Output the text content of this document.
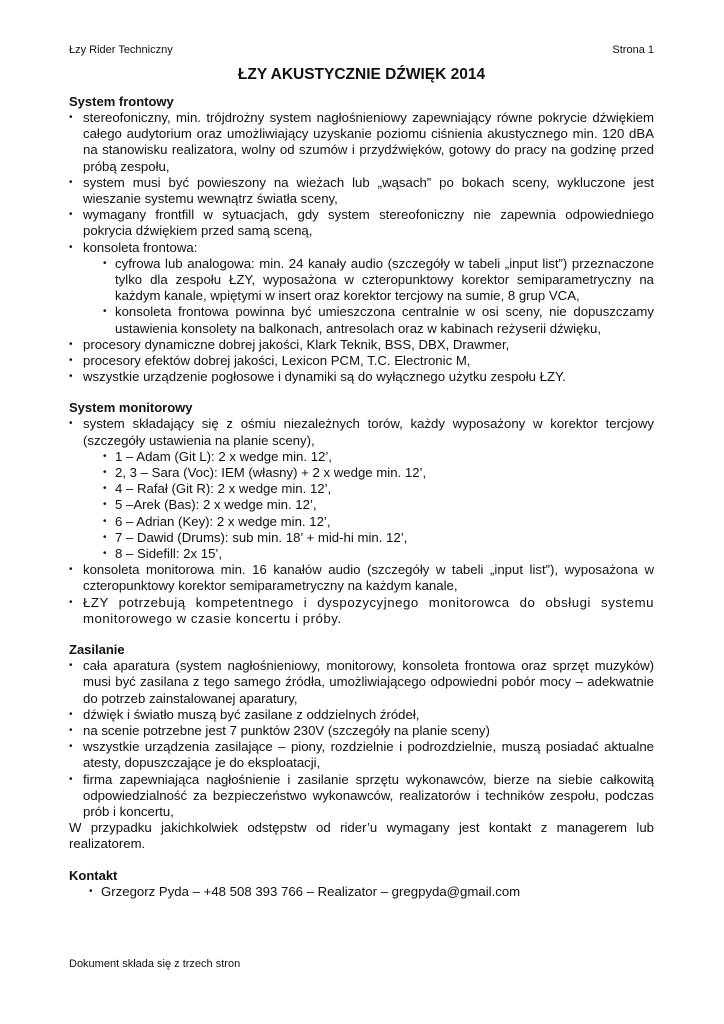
Łzy Rider Techniczny	Strona 1
ŁZY AKUSTYCZNIE DŹWIĘK 2014
System frontowy
• stereofoniczny, min. trójdrożny system nagłośnieniowy zapewniający równe pokrycie dźwiękiem całego audytorium oraz umożliwiający uzyskanie poziomu ciśnienia akustycznego min. 120 dBA na stanowisku realizatora, wolny od szumów i przydźwięków, gotowy do pracy na godzinę przed próbą zespołu,
• system musi być powieszony na wieżach lub „wąsach” po bokach sceny, wykluczone jest wieszanie systemu wewnątrz światła sceny,
• wymagany frontfill w sytuacjach, gdy system stereofoniczny nie zapewnia odpowiedniego pokrycia dźwiękiem przed samą sceną,
• konsoleta frontowa:
• cyfrowa lub analogowa: min. 24 kanały audio (szczegóły w tabeli „input list”) przeznaczone tylko dla zespołu ŁZY, wyposażona w czteropunktowy korektor semiparametryczny na każdym kanale, wpiętymi w insert oraz korektor tercjowy na sumie, 8 grup VCA,
• konsoleta frontowa powinna być umieszczona centralnie w osi sceny, nie dopuszczamy ustawienia konsolety na balkonach, antresolach oraz w kabinach reżyserii dźwięku,
• procesory dynamiczne dobrej jakości, Klark Teknik, BSS, DBX, Drawmer,
• procesory efektów dobrej jakości, Lexicon PCM, T.C. Electronic M,
• wszystkie urządzenie pogłosowe i dynamiki są do wyłącznego użytku zespołu ŁZY.
System monitorowy
• system składający się z ośmiu niezależnych torów, każdy wyposażony w korektor tercjowy (szczegóły ustawienia na planie sceny),
• 1 – Adam (Git L): 2 x wedge min. 12’,
• 2, 3 – Sara (Voc): IEM (własny) + 2 x wedge min. 12’,
• 4 – Rafał (Git R): 2 x wedge min. 12’,
• 5 –Arek (Bas): 2 x wedge min. 12’,
• 6 – Adrian (Key): 2 x wedge min. 12’,
• 7 – Dawid (Drums): sub min. 18’ + mid-hi min. 12’,
• 8 – Sidefill: 2x 15’,
• konsoleta monitorowa min. 16 kanałów audio (szczegóły w tabeli „input list”), wyposażona w czteropunktowy korektor semiparametryczny na każdym kanale,
• ŁZY potrzebują kompetentnego i dyspozycyjnego monitorowca do obsługi systemu monitorowego w czasie koncertu i próby.
Zasilanie
• cała aparatura (system nagłośnieniowy, monitorowy, konsoleta frontowa oraz sprzęt muzyków) musi być zasilana z tego samego źródła, umożliwiającego odpowiedni pobór mocy – adekwatnie do potrzeb zainstalowanej aparatury,
• dźwięk i światło muszą być zasilane z oddzielnych źródeł,
• na scenie potrzebne jest 7 punktów 230V (szczegóły na planie sceny)
• wszystkie urządzenia zasilające – piony, rozdzielnie i podrozdzielnie, muszą posiadać aktualne atesty, dopuszczające je do eksploatacji,
• firma zapewniająca nagłośnienie i zasilanie sprzętu wykonawców, bierze na siebie całkowitą odpowiedzialność za bezpieczeństwo wykonawców, realizatorów i techników zespołu, podczas prób i koncertu,

W przypadku jakichkolwiek odstępstw od rider’u wymagany jest kontakt z managerem lub realizatorem.

Kontakt
• Grzegorz Pyda – +48 508 393 766 – Realizator – gregpyda@gmail.com
Dokument składa się z trzech stron
